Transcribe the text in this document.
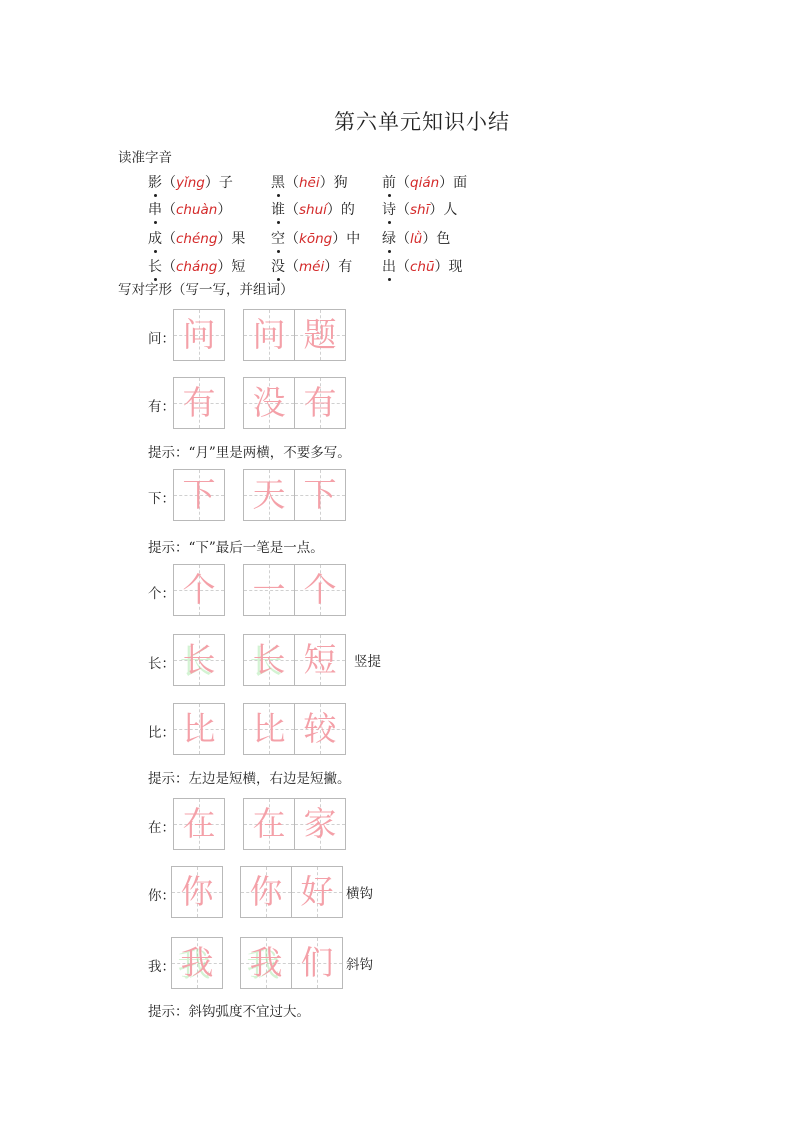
第六单元知识小结
读准字音
影（yǐng）子	黑（hēi）狗 前（qián）面
串（chuàn）	谁（shuí）的 诗（shī）人
成（chéng）果 空（kōng）中 绿（lǜ）色
长（cháng）短 没（méi）有 出（chū）现
写对字形（写一写，并组词）
问： 问 问 题
有： 有 没 有
下： 下 天 下
个： 个 一 个
长： 长 长 短	竖提
比： 比 比 较
在： 在 在 家
你： 你 你 好 横钩
我： 我 我 们 斜钩
提示：“月”里是两横，不要多写。
提示：“下”最后一笔是一点。
提示：左边是短横，右边是短撇。
提示：斜钩弧度不宜过大。
